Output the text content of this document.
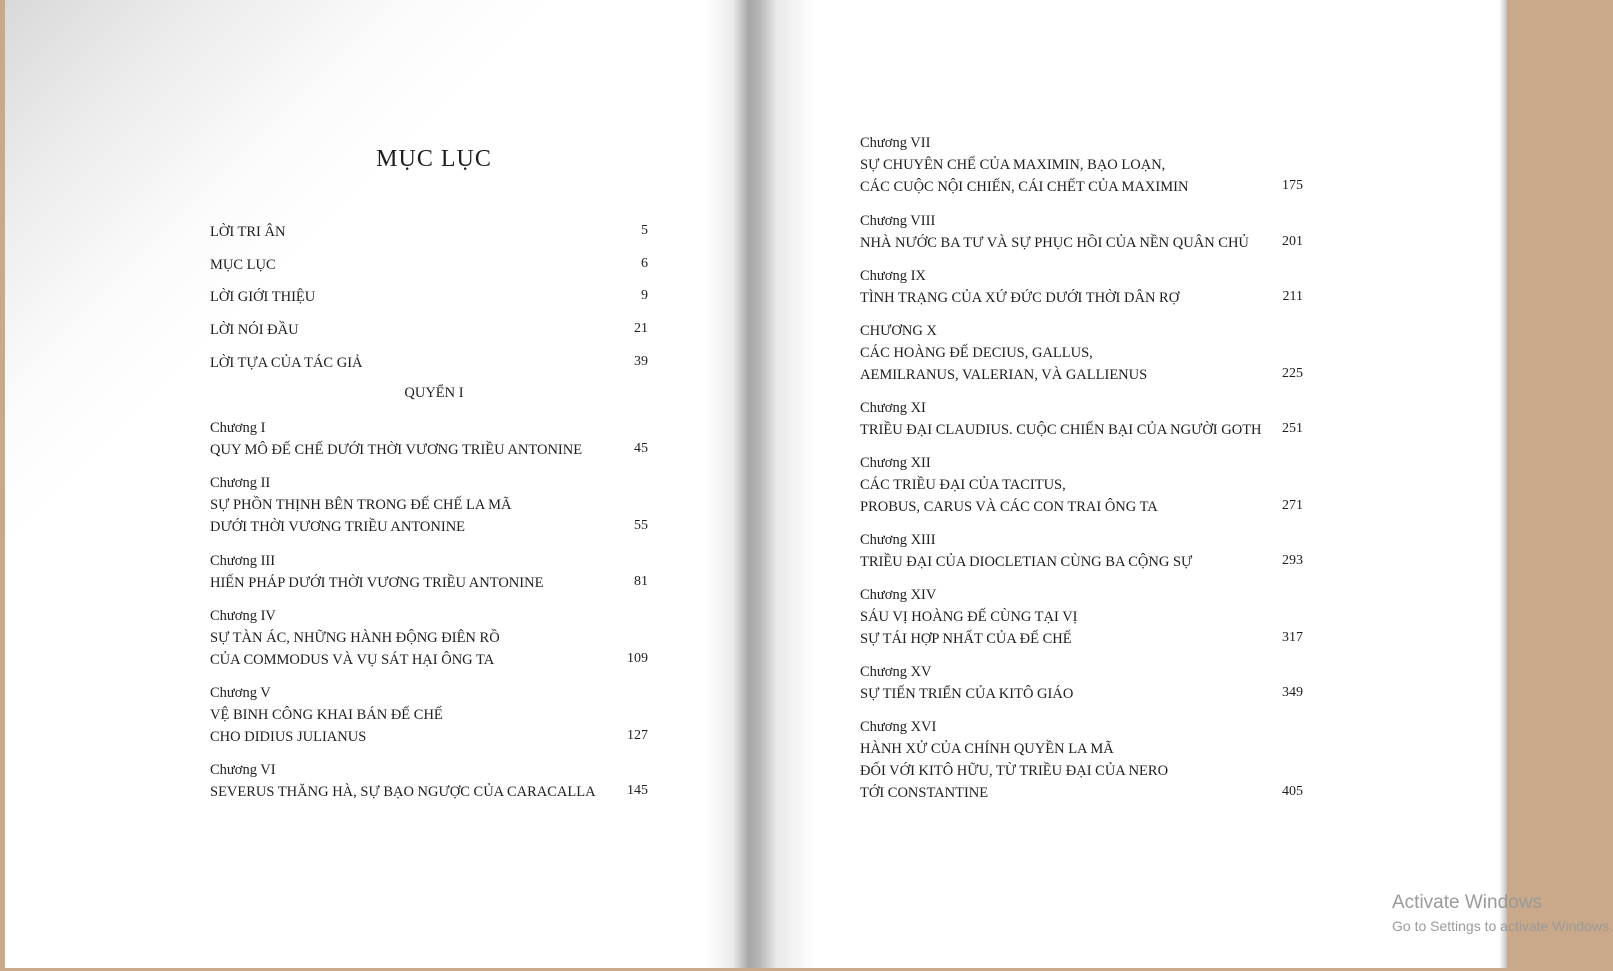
MỤC LỤC
LỜI TRI ÂN	5
MỤC LỤC	6
LỜI GIỚI THIỆU	9
LỜI NÓI ĐẦU	21
LỜI TỰA CỦA TÁC GIẢ	39
QUYỂN I
Chương I
QUY MÔ ĐẾ CHẾ DƯỚI THỜI VƯƠNG TRIỀU ANTONINE	45
Chương II
SỰ PHỒN THỊNH BÊN TRONG ĐẾ CHẾ LA MÃ
DƯỚI THỜI VƯƠNG TRIỀU ANTONINE	55
Chương III
HIẾN PHÁP DƯỚI THỜI VƯƠNG TRIỀU ANTONINE	81
Chương IV
SỰ TÀN ÁC, NHỮNG HÀNH ĐỘNG ĐIÊN RỒ
CỦA COMMODUS VÀ VỤ SÁT HẠI ÔNG TA	109
Chương V
VỆ BINH CÔNG KHAI BÁN ĐẾ CHẾ
CHO DIDIUS JULIANUS	127
Chương VI
SEVERUS THĂNG HÀ, SỰ BẠO NGƯỢC CỦA CARACALLA	145
Chương VII
SỰ CHUYÊN CHẾ CỦA MAXIMIN, BẠO LOẠN,
CÁC CUỘC NỘI CHIẾN, CÁI CHẾT CỦA MAXIMIN	175
Chương VIII
NHÀ NƯỚC BA TƯ VÀ SỰ PHỤC HỒI CỦA NỀN QUÂN CHỦ	201
Chương IX
TÌNH TRẠNG CỦA XỨ ĐỨC DƯỚI THỜI DÂN RỢ	211
CHƯƠNG X
CÁC HOÀNG ĐẾ DECIUS, GALLUS,
AEMILRANUS, VALERIAN, VÀ GALLIENUS	225
Chương XI
TRIỀU ĐẠI CLAUDIUS. CUỘC CHIẾN BẠI CỦA NGƯỜI GOTH	251
Chương XII
CÁC TRIỀU ĐẠI CỦA TACITUS,
PROBUS, CARUS VÀ CÁC CON TRAI ÔNG TA	271
Chương XIII
TRIỀU ĐẠI CỦA DIOCLETIAN CÙNG BA CỘNG SỰ	293
Chương XIV
SÁU VỊ HOÀNG ĐẾ CÙNG TẠI VỊ
SỰ TÁI HỢP NHẤT CỦA ĐẾ CHẾ	317
Chương XV
SỰ TIẾN TRIỂN CỦA KITÔ GIÁO	349
Chương XVI
HÀNH XỬ CỦA CHÍNH QUYỀN LA MÃ
ĐỐI VỚI KITÔ HỮU, TỪ TRIỀU ĐẠI CỦA NERO
TỚI CONSTANTINE	405
Activate Windows
Go to Settings to activate Windows.
